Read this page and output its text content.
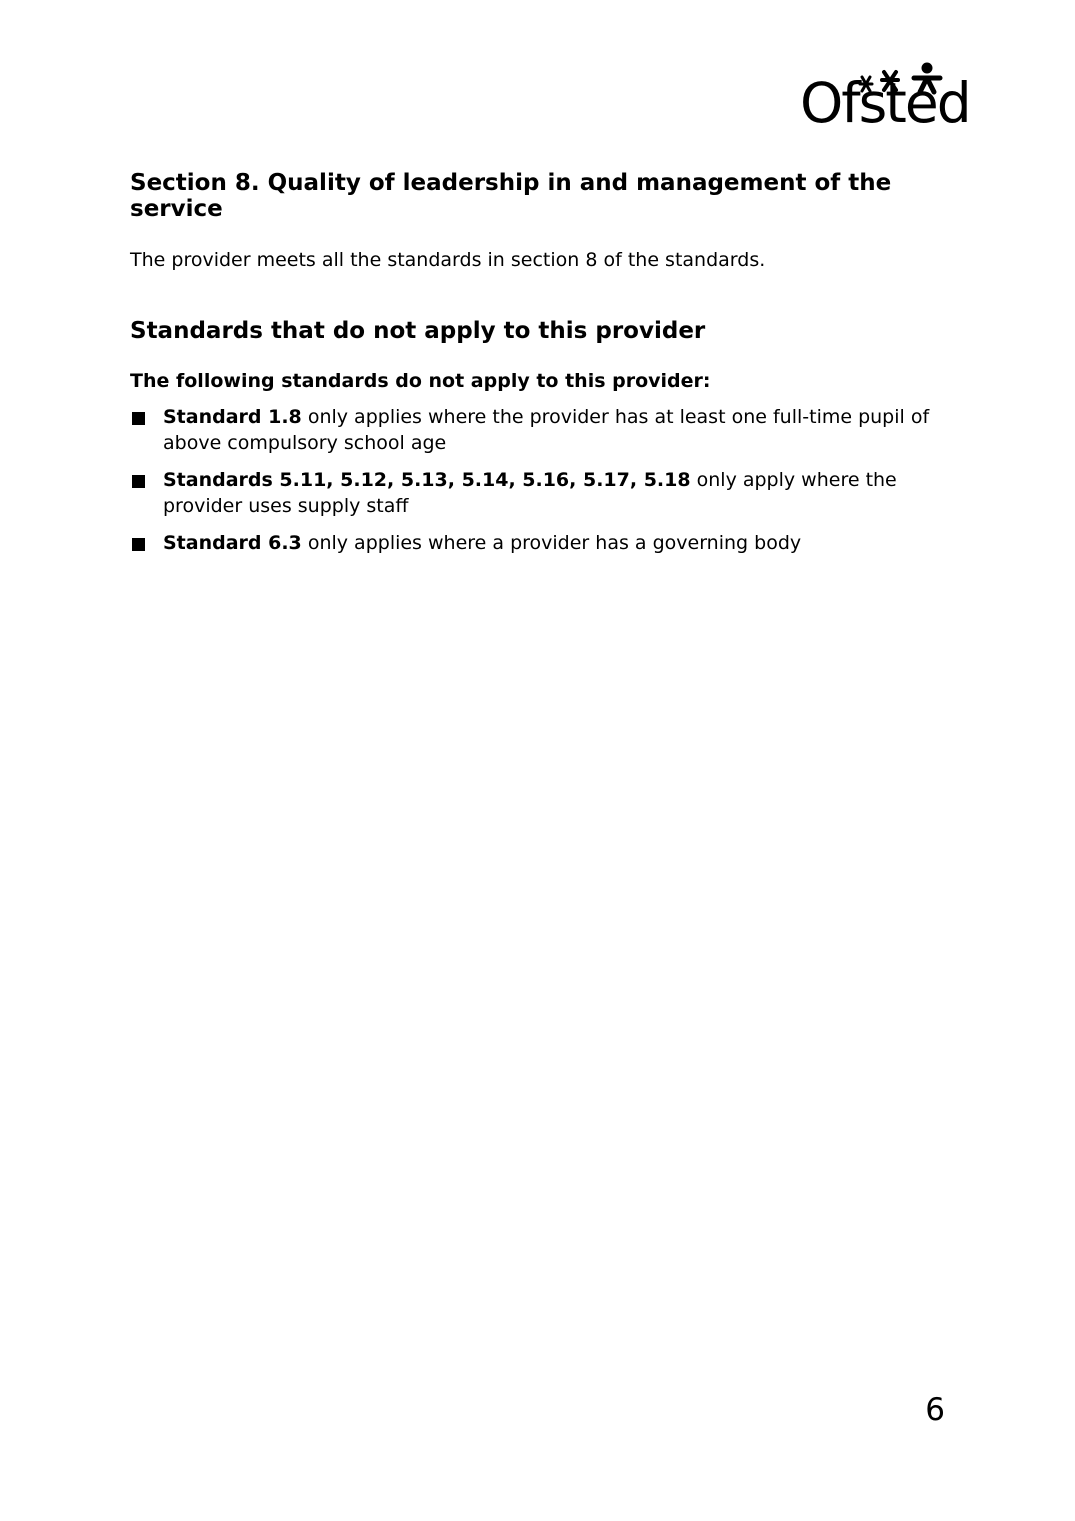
Ofsted
Section 8. Quality of leadership in and management of the service

The provider meets all the standards in section 8 of the standards.

Standards that do not apply to this provider

The following standards do not apply to this provider:

Standard 1.8 only applies where the provider has at least one full-time pupil of above compulsory school age
Standards 5.11, 5.12, 5.13, 5.14, 5.16, 5.17, 5.18 only apply where the provider uses supply staff
Standard 6.3 only applies where a provider has a governing body
6
